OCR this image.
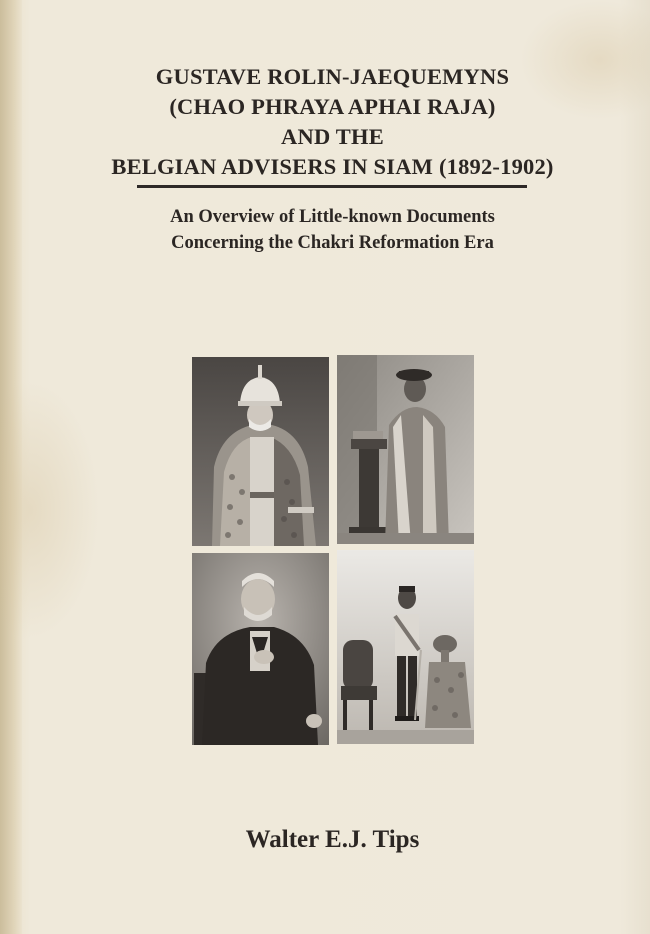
GUSTAVE ROLIN-JAEQUEMYNS
(CHAO PHRAYA APHAI RAJA)
AND THE
BELGIAN ADVISERS IN SIAM (1892-1902)
An Overview of Little-known Documents
Concerning the Chakri Reformation Era
Walter E.J. Tips
